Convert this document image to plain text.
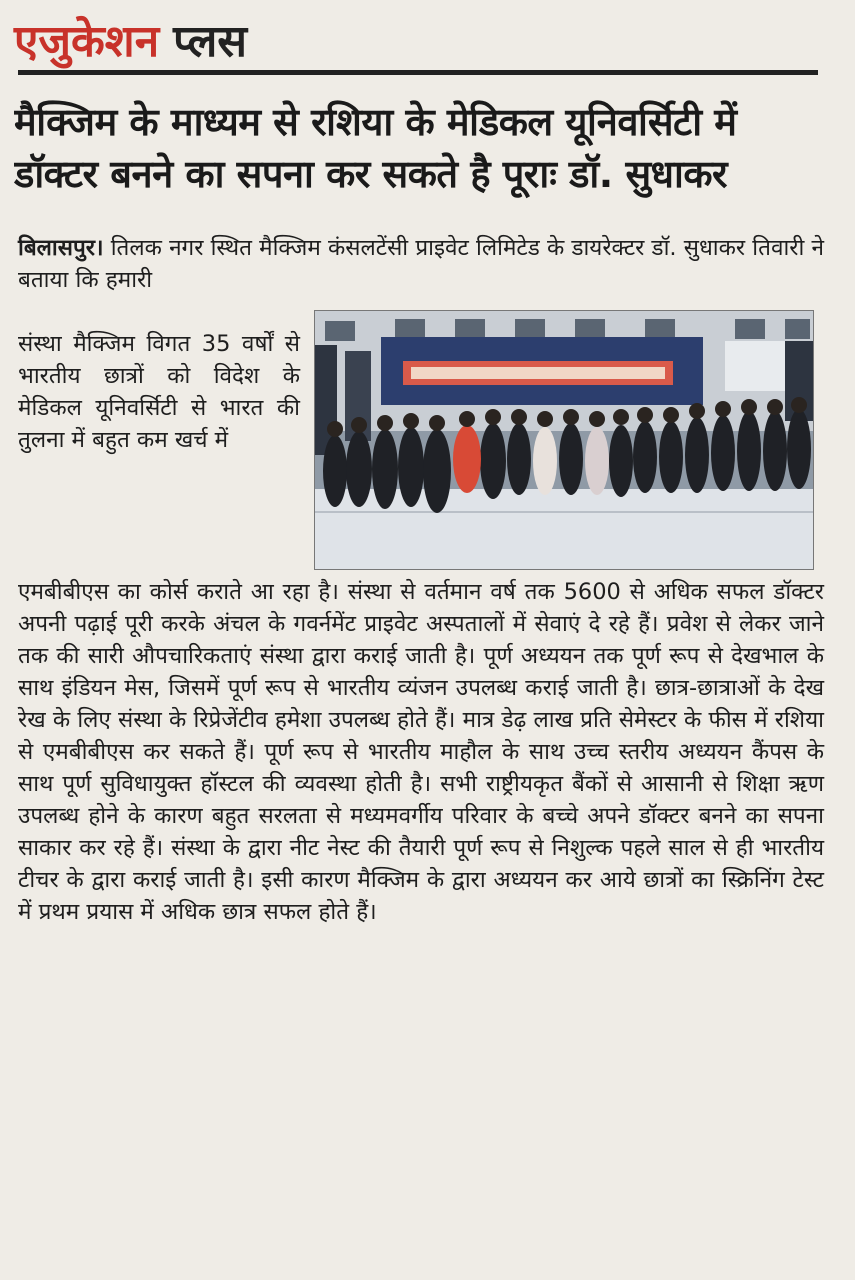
एजुकेशन प्लस
मैक्जिम के माध्यम से रशिया के मेडिकल यूनिवर्सिटी में
डॉक्टर बनने का सपना कर सकते है पूराः डॉ. सुधाकर
बिलासपुर। तिलक नगर स्थित मैक्जिम कंसलटेंसी प्राइवेट लिमिटेड के डायरेक्टर डॉ. सुधाकर तिवारी ने बताया कि हमारी
संस्था मैक्जिम विगत 35 वर्षों से भारतीय छात्रों को विदेश के मेडिकल यूनिवर्सिटी से भारत की तुलना में बहुत कम खर्च में
एमबीबीएस का कोर्स कराते आ रहा है। संस्था से वर्तमान वर्ष तक 5600 से अधिक सफल डॉक्टर अपनी पढ़ाई पूरी करके अंचल के गवर्नमेंट प्राइवेट अस्पतालों में सेवाएं दे रहे हैं। प्रवेश से लेकर जाने तक की सारी औपचारिकताएं संस्था द्वारा कराई जाती है। पूर्ण अध्ययन तक पूर्ण रूप से देखभाल के साथ इंडियन मेस, जिसमें पूर्ण रूप से भारतीय व्यंजन उपलब्ध कराई जाती है। छात्र-छात्राओं के देख रेख के लिए संस्था के रिप्रेजेंटीव हमेशा उपलब्ध होते हैं। मात्र डेढ़ लाख प्रति सेमेस्टर के फीस में रशिया से एमबीबीएस कर सकते हैं। पूर्ण रूप से भारतीय माहौल के साथ उच्च स्तरीय अध्ययन कैंपस के साथ पूर्ण सुविधायुक्त हॉस्टल की व्यवस्था होती है। सभी राष्ट्रीयकृत बैंकों से आसानी से शिक्षा ऋण उपलब्ध होने के कारण बहुत सरलता से मध्यमवर्गीय परिवार के बच्चे अपने डॉक्टर बनने का सपना साकार कर रहे हैं। संस्था के द्वारा नीट नेस्ट की तैयारी पूर्ण रूप से निशुल्क पहले साल से ही भारतीय टीचर के द्वारा कराई जाती है। इसी कारण मैक्जिम के द्वारा अध्ययन कर आये छात्रों का स्क्रिनिंग टेस्ट में प्रथम प्रयास में अधिक छात्र सफल होते हैं।
